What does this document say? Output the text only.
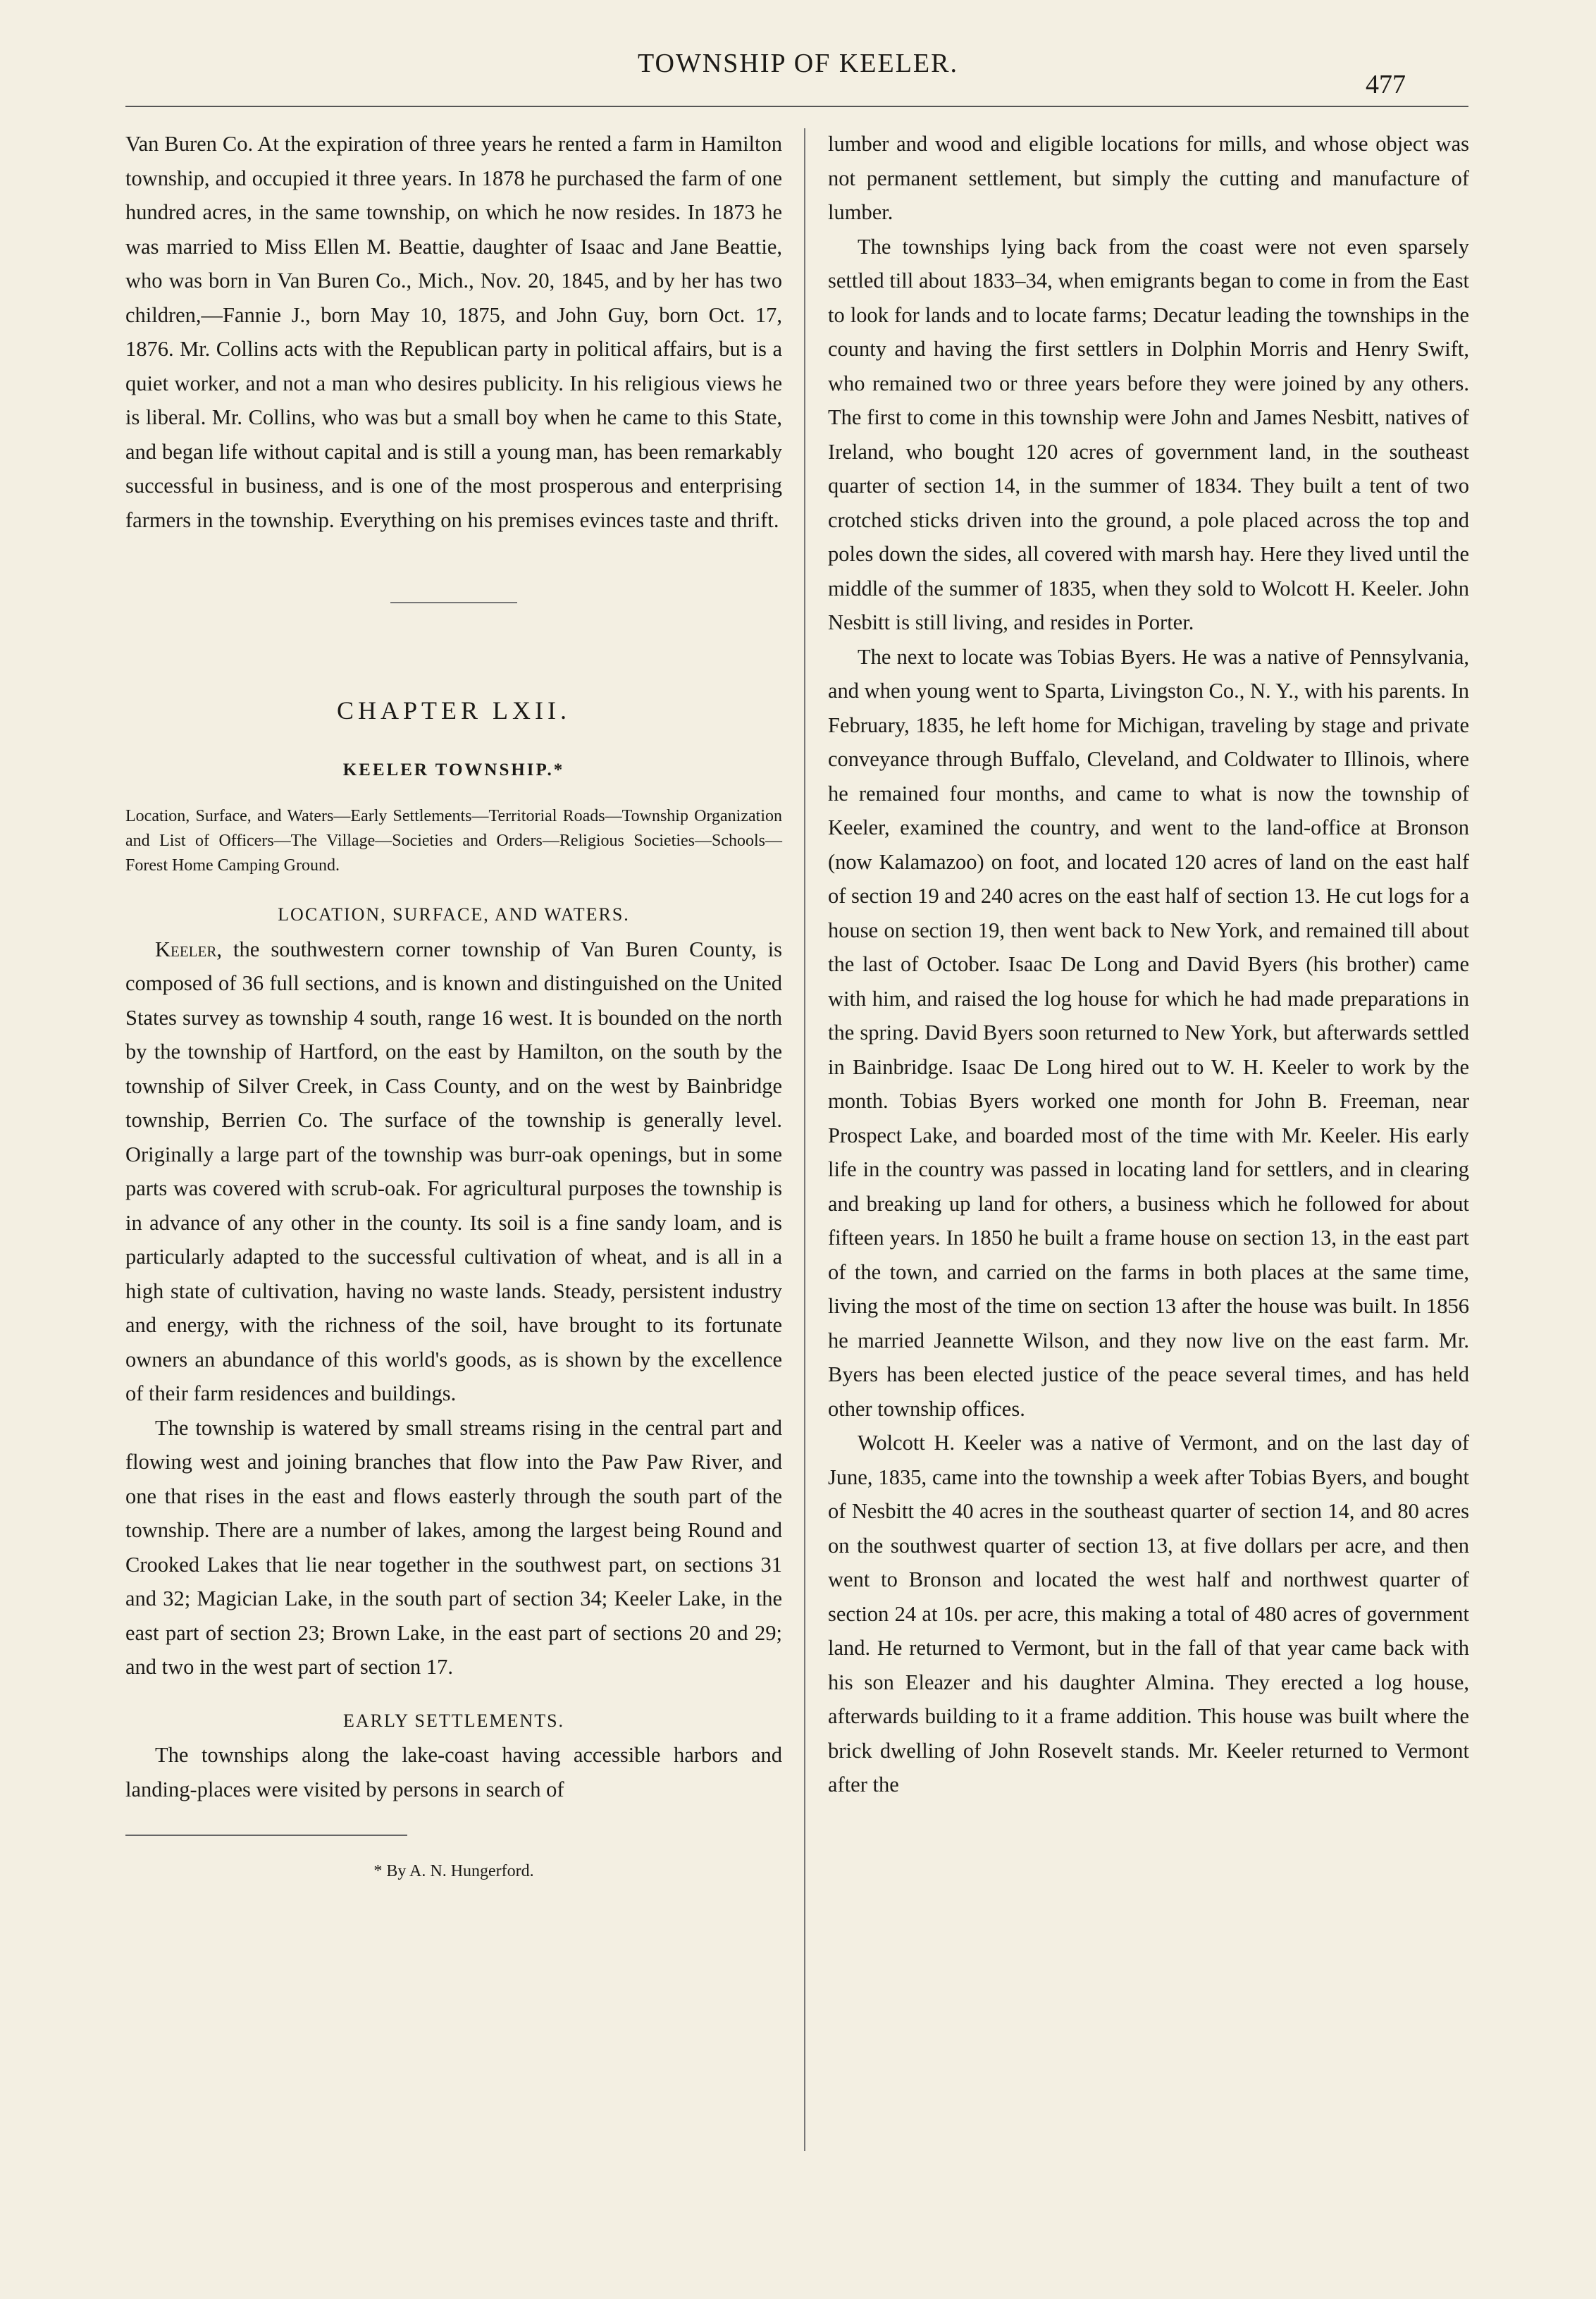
TOWNSHIP OF KEELER.
477

Van Buren Co. At the expiration of three years he rented a farm in Hamilton township, and occupied it three years. In 1878 he purchased the farm of one hundred acres, in the same township, on which he now resides. In 1873 he was married to Miss Ellen M. Beattie, daughter of Isaac and Jane Beattie, who was born in Van Buren Co., Mich., Nov. 20, 1845, and by her has two children,—Fannie J., born May 10, 1875, and John Guy, born Oct. 17, 1876. Mr. Collins acts with the Republican party in political affairs, but is a quiet worker, and not a man who desires publicity. In his religious views he is liberal. Mr. Collins, who was but a small boy when he came to this State, and began life without capital and is still a young man, has been remarkably successful in business, and is one of the most prosperous and enterprising farmers in the township. Everything on his premises evinces taste and thrift.

CHAPTER LXII.
KEELER TOWNSHIP.*
Location, Surface, and Waters—Early Settlements—Territorial Roads—Township Organization and List of Officers—The Village—Societies and Orders—Religious Societies—Schools—Forest Home Camping Ground.
LOCATION, SURFACE, AND WATERS.

Keeler, the southwestern corner township of Van Buren County, is composed of 36 full sections, and is known and distinguished on the United States survey as township 4 south, range 16 west. It is bounded on the north by the township of Hartford, on the east by Hamilton, on the south by the township of Silver Creek, in Cass County, and on the west by Bainbridge township, Berrien Co. The surface of the township is generally level. Originally a large part of the township was burr-oak openings, but in some parts was covered with scrub-oak. For agricultural purposes the township is in advance of any other in the county. Its soil is a fine sandy loam, and is particularly adapted to the successful cultivation of wheat, and is all in a high state of cultivation, having no waste lands. Steady, persistent industry and energy, with the richness of the soil, have brought to its fortunate owners an abundance of this world's goods, as is shown by the excellence of their farm residences and buildings.

The township is watered by small streams rising in the central part and flowing west and joining branches that flow into the Paw Paw River, and one that rises in the east and flows easterly through the south part of the township. There are a number of lakes, among the largest being Round and Crooked Lakes that lie near together in the southwest part, on sections 31 and 32; Magician Lake, in the south part of section 34; Keeler Lake, in the east part of section 23; Brown Lake, in the east part of sections 20 and 29; and two in the west part of section 17.

EARLY SETTLEMENTS.

The townships along the lake-coast having accessible harbors and landing-places were visited by persons in search of

* By A. N. Hungerford.

lumber and wood and eligible locations for mills, and whose object was not permanent settlement, but simply the cutting and manufacture of lumber.

The townships lying back from the coast were not even sparsely settled till about 1833–34, when emigrants began to come in from the East to look for lands and to locate farms; Decatur leading the townships in the county and having the first settlers in Dolphin Morris and Henry Swift, who remained two or three years before they were joined by any others. The first to come in this township were John and James Nesbitt, natives of Ireland, who bought 120 acres of government land, in the southeast quarter of section 14, in the summer of 1834. They built a tent of two crotched sticks driven into the ground, a pole placed across the top and poles down the sides, all covered with marsh hay. Here they lived until the middle of the summer of 1835, when they sold to Wolcott H. Keeler. John Nesbitt is still living, and resides in Porter.

The next to locate was Tobias Byers. He was a native of Pennsylvania, and when young went to Sparta, Livingston Co., N. Y., with his parents. In February, 1835, he left home for Michigan, traveling by stage and private conveyance through Buffalo, Cleveland, and Coldwater to Illinois, where he remained four months, and came to what is now the township of Keeler, examined the country, and went to the land-office at Bronson (now Kalamazoo) on foot, and located 120 acres of land on the east half of section 19 and 240 acres on the east half of section 13. He cut logs for a house on section 19, then went back to New York, and remained till about the last of October. Isaac De Long and David Byers (his brother) came with him, and raised the log house for which he had made preparations in the spring. David Byers soon returned to New York, but afterwards settled in Bainbridge. Isaac De Long hired out to W. H. Keeler to work by the month. Tobias Byers worked one month for John B. Freeman, near Prospect Lake, and boarded most of the time with Mr. Keeler. His early life in the country was passed in locating land for settlers, and in clearing and breaking up land for others, a business which he followed for about fifteen years. In 1850 he built a frame house on section 13, in the east part of the town, and carried on the farms in both places at the same time, living the most of the time on section 13 after the house was built. In 1856 he married Jeannette Wilson, and they now live on the east farm. Mr. Byers has been elected justice of the peace several times, and has held other township offices.

Wolcott H. Keeler was a native of Vermont, and on the last day of June, 1835, came into the township a week after Tobias Byers, and bought of Nesbitt the 40 acres in the southeast quarter of section 14, and 80 acres on the southwest quarter of section 13, at five dollars per acre, and then went to Bronson and located the west half and northwest quarter of section 24 at 10s. per acre, this making a total of 480 acres of government land. He returned to Vermont, but in the fall of that year came back with his son Eleazer and his daughter Almina. They erected a log house, afterwards building to it a frame addition. This house was built where the brick dwelling of John Rosevelt stands. Mr. Keeler returned to Vermont after the
